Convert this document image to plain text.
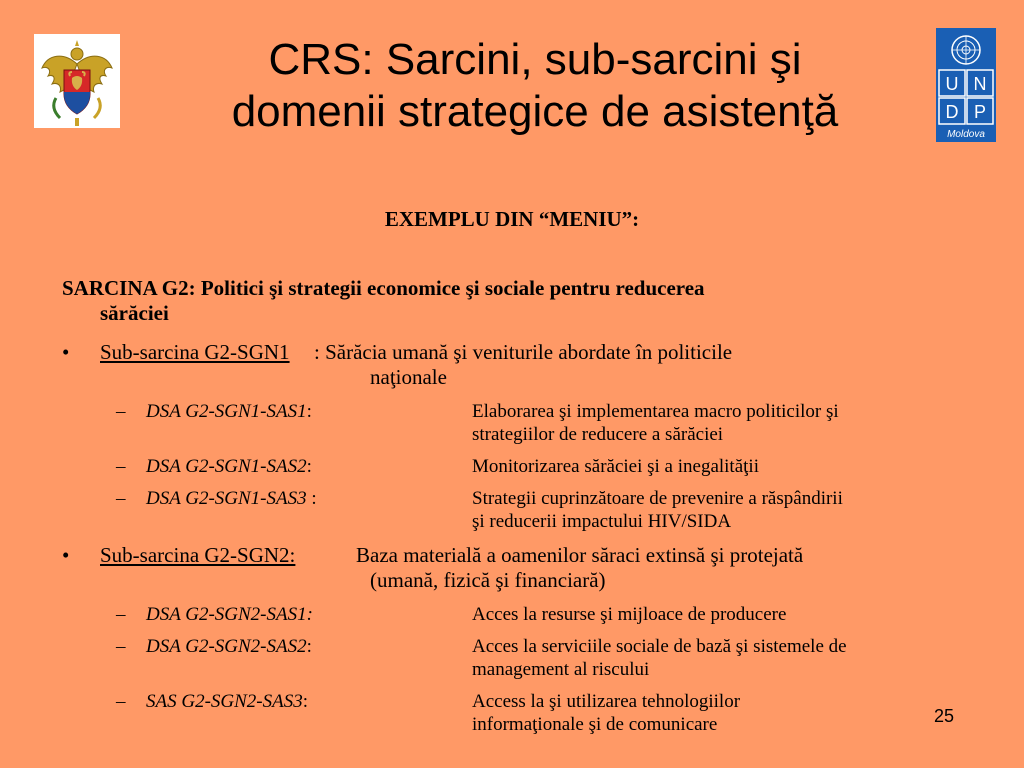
CRS: Sarcini, sub-sarcini şi
domenii strategice de asistenţă
U N
D P
Moldova
EXEMPLU DIN “MENIU”:
SARCINA G2: Politici şi strategii economice şi sociale pentru reducerea
sărăciei
• Sub-sarcina G2-SGN1 : Sărăcia umană şi veniturile abordate în politicile
naţionale
– DSA G2-SGN1-SAS1:	Elaborarea şi implementarea macro politicilor şi
strategiilor de reducere a sărăciei
– DSA G2-SGN1-SAS2:	Monitorizarea sărăciei şi a inegalităţii
– DSA G2-SGN1-SAS3 :	Strategii cuprinzătoare de prevenire a răspândirii
şi reducerii impactului HIV/SIDA
• Sub-sarcina G2-SGN2:	Baza materială a oamenilor săraci extinsă şi protejată
(umană, fizică şi financiară)
– DSA G2-SGN2-SAS1:	Acces la resurse şi mijloace de producere
– DSA G2-SGN2-SAS2:	Acces la serviciile sociale de bază şi sistemele de
management al riscului
– SAS G2-SGN2-SAS3:	Access la şi utilizarea tehnologiilor
informaţionale şi de comunicare	25
